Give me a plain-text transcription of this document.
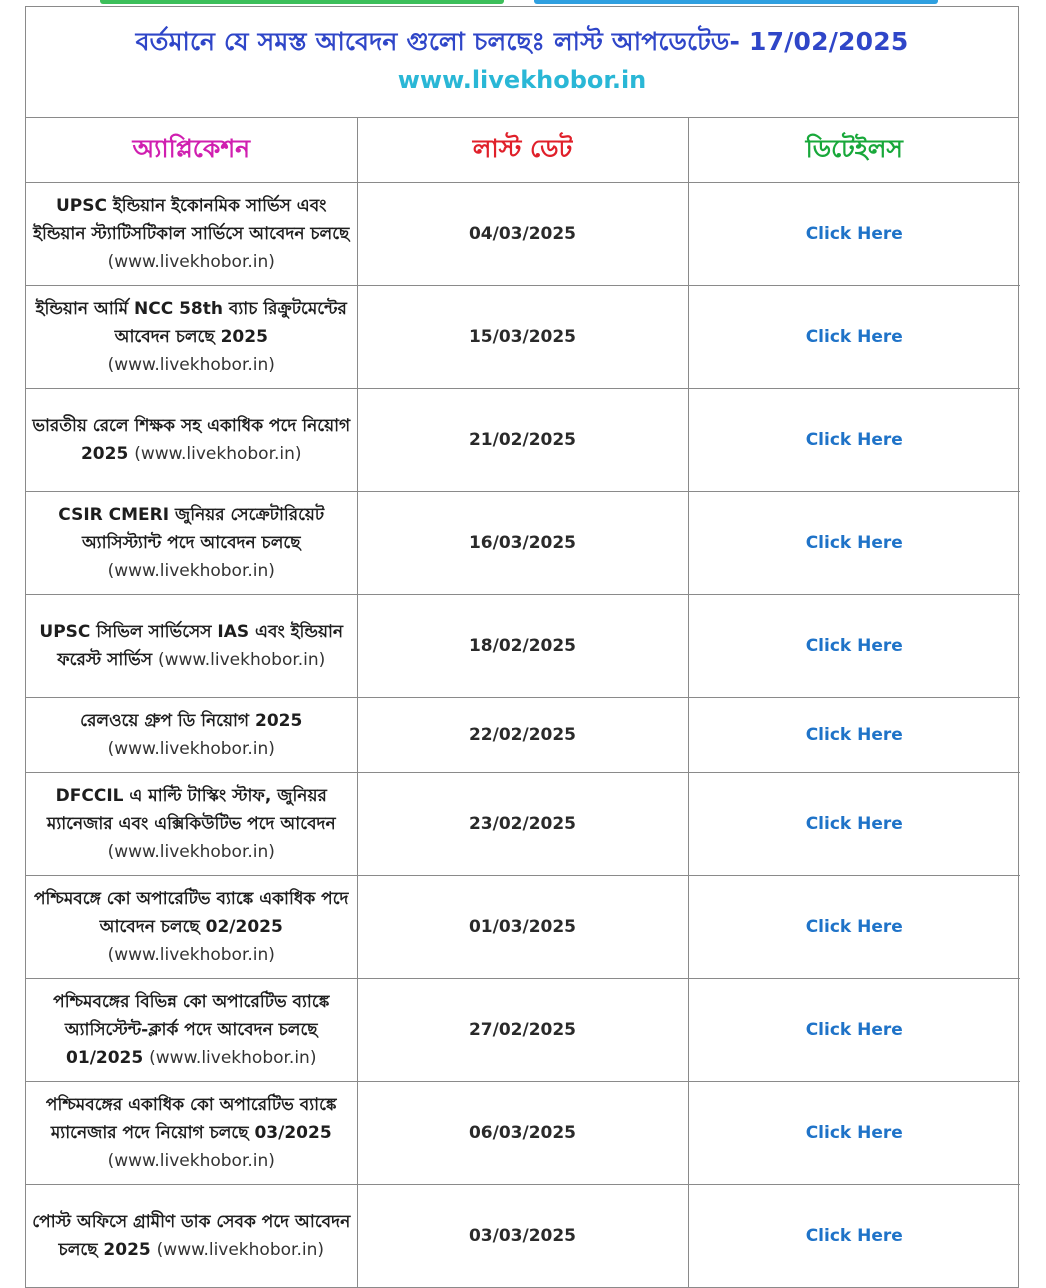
বর্তমানে যে সমস্ত আবেদন গুলো চলছেঃ লাস্ট আপডেটেড- 17/02/2025
www.livekhobor.in
অ্যাপ্লিকেশন	লাস্ট ডেট	ডিটেইলস
UPSC ইন্ডিয়ান ইকোনমিক সার্ভিস এবং ইন্ডিয়ান স্ট্যাটিসটিকাল সার্ভিসে আবেদন চলছে (www.livekhobor.in)	04/03/2025	Click Here
ইন্ডিয়ান আর্মি NCC 58th ব্যাচ রিক্রুটমেন্টের আবেদন চলছে 2025 (www.livekhobor.in)	15/03/2025	Click Here
ভারতীয় রেলে শিক্ষক সহ একাধিক পদে নিয়োগ 2025 (www.livekhobor.in)	21/02/2025	Click Here
CSIR CMERI জুনিয়র সেক্রেটারিয়েট অ্যাসিস্ট্যান্ট পদে আবেদন চলছে (www.livekhobor.in)	16/03/2025	Click Here
UPSC সিভিল সার্ভিসেস IAS এবং ইন্ডিয়ান ফরেস্ট সার্ভিস (www.livekhobor.in)	18/02/2025	Click Here
রেলওয়ে গ্রুপ ডি নিয়োগ 2025 (www.livekhobor.in)	22/02/2025	Click Here
DFCCIL এ মাল্টি টাস্কিং স্টাফ, জুনিয়র ম্যানেজার এবং এক্সিকিউটিভ পদে আবেদন (www.livekhobor.in)	23/02/2025	Click Here
পশ্চিমবঙ্গে কো অপারেটিভ ব্যাঙ্কে একাধিক পদে আবেদন চলছে 02/2025 (www.livekhobor.in)	01/03/2025	Click Here
পশ্চিমবঙ্গের বিভিন্ন কো অপারেটিভ ব্যাঙ্কে অ্যাসিস্টেন্ট-ক্লার্ক পদে আবেদন চলছে 01/2025 (www.livekhobor.in)	27/02/2025	Click Here
পশ্চিমবঙ্গের একাধিক কো অপারেটিভ ব্যাঙ্কে ম্যানেজার পদে নিয়োগ চলছে 03/2025 (www.livekhobor.in)	06/03/2025	Click Here
পোস্ট অফিসে গ্রামীণ ডাক সেবক পদে আবেদন চলছে 2025 (www.livekhobor.in)	03/03/2025	Click Here
